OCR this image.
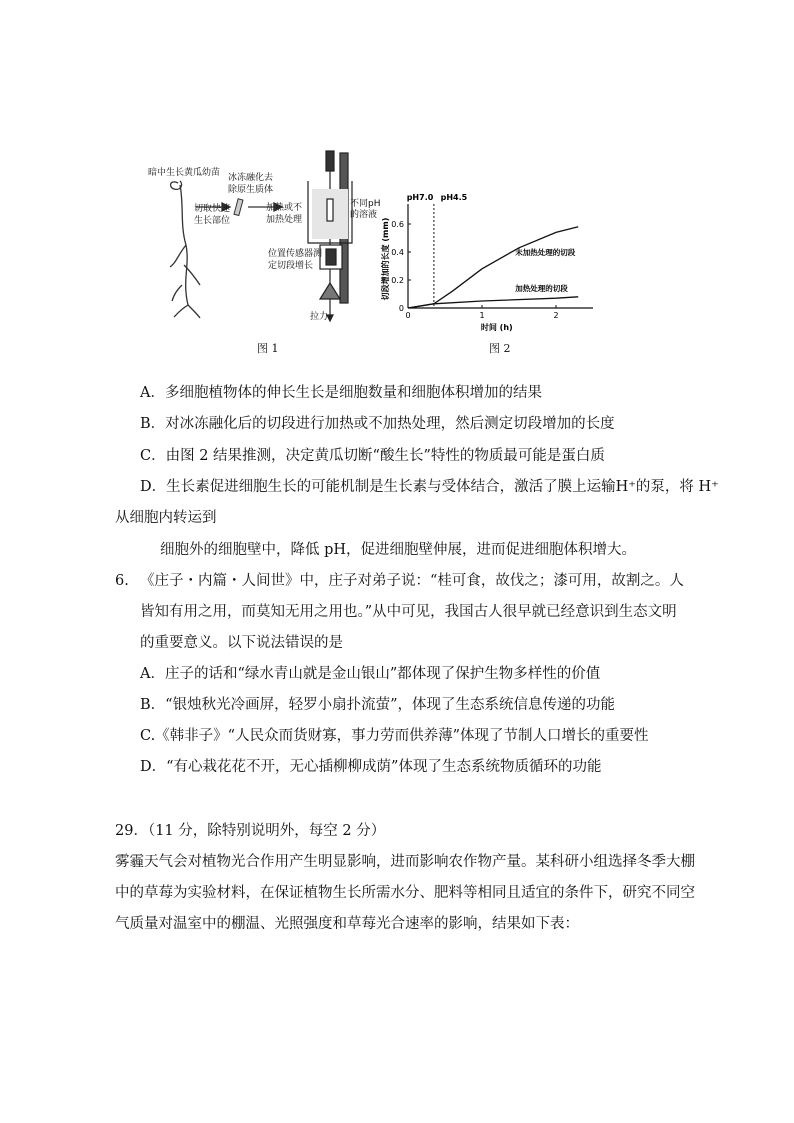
暗中生长黄瓜幼苗
切取快速
生长部位
冰冻融化去
除原生质体
加热或不
加热处理
不同pH
的溶液
位置传感器测
定切段增长
拉力
图 1
0
0.2
0.4
0.6
0	1	2
pH7.0 pH4.5
未加热处理的切段
加热处理的切段
时间 (h)
切段增加的长度 (mm)
图 2
A．多细胞植物体的伸长生长是细胞数量和细胞体积增加的结果
B．对冰冻融化后的切段进行加热或不加热处理，然后测定切段增加的长度
C．由图 2 结果推测，决定黄瓜切断“酸生长”特性的物质最可能是蛋白质
D．生长素促进细胞生长的可能机制是生长素与受体结合，激活了膜上运输H⁺的泵，将 H⁺
从细胞内转运到
细胞外的细胞壁中，降低 pH，促进细胞壁伸展，进而促进细胞体积增大。
6. 《庄子・内篇・人间世》中，庄子对弟子说：“桂可食，故伐之；漆可用，故割之。人
皆知有用之用，而莫知无用之用也。”从中可见，我国古人很早就已经意识到生态文明
的重要意义。以下说法错误的是
A．庄子的话和“绿水青山就是金山银山”都体现了保护生物多样性的价值
B．“银烛秋光冷画屏，轻罗小扇扑流萤”，体现了生态系统信息传递的功能
C.《韩非子》“人民众而货财寡，事力劳而供养薄”体现了节制人口增长的重要性
D．“有心栽花花不开，无心插柳柳成荫”体现了生态系统物质循环的功能
29．（11 分，除特别说明外，每空 2 分）
雾霾天气会对植物光合作用产生明显影响，进而影响农作物产量。某科研小组选择冬季大棚
中的草莓为实验材料，在保证植物生长所需水分、肥料等相同且适宜的条件下，研究不同空
气质量对温室中的棚温、光照强度和草莓光合速率的影响，结果如下表：
